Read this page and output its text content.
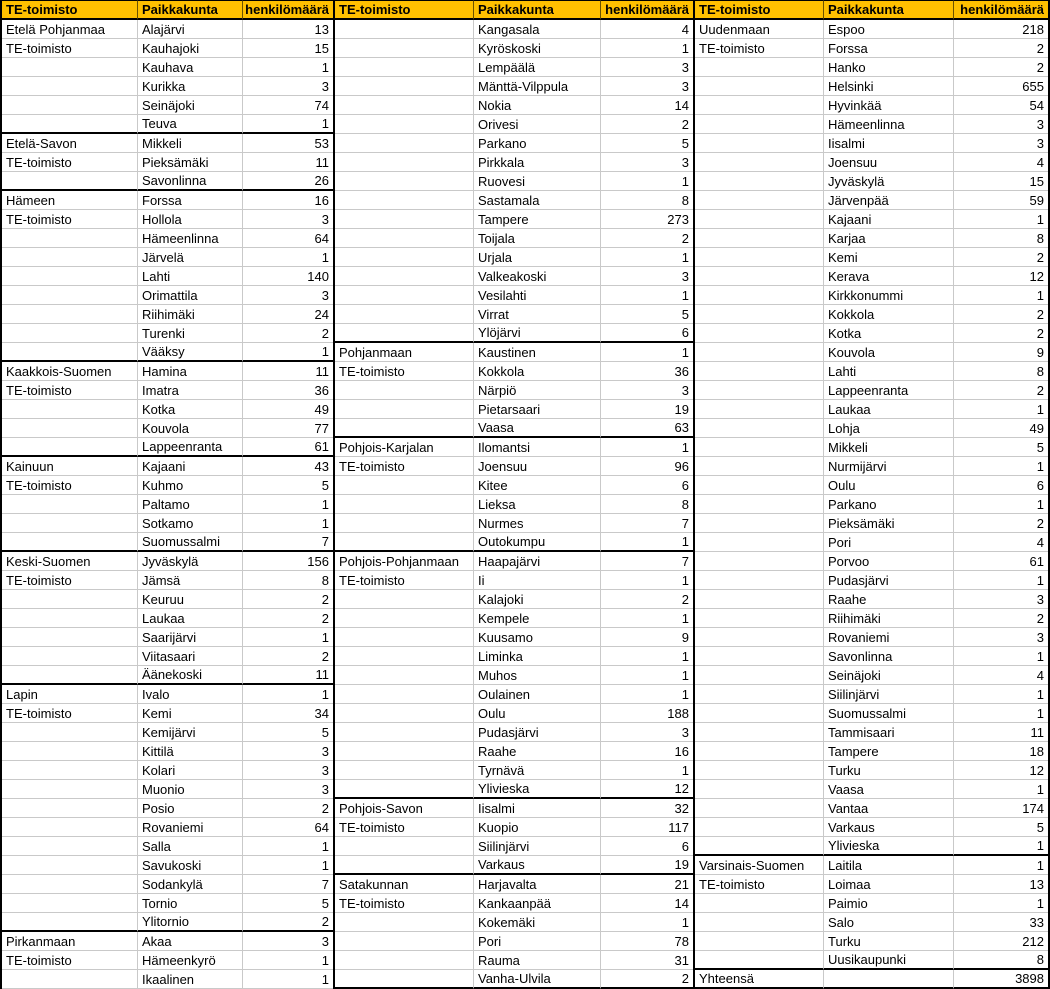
TE-toimisto	Paikkakunta	henkilömäärä
Etelä Pohjanmaa	Alajärvi	13
TE-toimisto	Kauhajoki	15
Kauhava	1
Kurikka	3
Seinäjoki	74
Teuva	1
Etelä-Savon	Mikkeli	53
TE-toimisto	Pieksämäki	11
Savonlinna	26
Hämeen	Forssa	16
TE-toimisto	Hollola	3
Hämeenlinna	64
Järvelä	1
Lahti	140
Orimattila	3
Riihimäki	24
Turenki	2
Vääksy	1
Kaakkois-Suomen	Hamina	11
TE-toimisto	Imatra	36
Kotka	49
Kouvola	77
Lappeenranta	61
Kainuun	Kajaani	43
TE-toimisto	Kuhmo	5
Paltamo	1
Sotkamo	1
Suomussalmi	7
Keski-Suomen	Jyväskylä	156
TE-toimisto	Jämsä	8
Keuruu	2
Laukaa	2
Saarijärvi	1
Viitasaari	2
Äänekoski	11
Lapin	Ivalo	1
TE-toimisto	Kemi	34
Kemijärvi	5
Kittilä	3
Kolari	3
Muonio	3
Posio	2
Rovaniemi	64
Salla	1
Savukoski	1
Sodankylä	7
Tornio	5
Ylitornio	2
Pirkanmaan	Akaa	3
TE-toimisto	Hämeenkyrö	1
Ikaalinen	1
TE-toimisto	Paikkakunta	henkilömäärä
Kangasala	4
Kyröskoski	1
Lempäälä	3
Mänttä-Vilppula	3
Nokia	14
Orivesi	2
Parkano	5
Pirkkala	3
Ruovesi	1
Sastamala	8
Tampere	273
Toijala	2
Urjala	1
Valkeakoski	3
Vesilahti	1
Virrat	5
Ylöjärvi	6
Pohjanmaan	Kaustinen	1
TE-toimisto	Kokkola	36
Närpiö	3
Pietarsaari	19
Vaasa	63
Pohjois-Karjalan	Ilomantsi	1
TE-toimisto	Joensuu	96
Kitee	6
Lieksa	8
Nurmes	7
Outokumpu	1
Pohjois-Pohjanmaan	Haapajärvi	7
TE-toimisto	Ii	1
Kalajoki	2
Kempele	1
Kuusamo	9
Liminka	1
Muhos	1
Oulainen	1
Oulu	188
Pudasjärvi	3
Raahe	16
Tyrnävä	1
Ylivieska	12
Pohjois-Savon	Iisalmi	32
TE-toimisto	Kuopio	117
Siilinjärvi	6
Varkaus	19
Satakunnan	Harjavalta	21
TE-toimisto	Kankaanpää	14
Kokemäki	1
Pori	78
Rauma	31
Vanha-Ulvila	2
TE-toimisto	Paikkakunta	henkilömäärä
Uudenmaan	Espoo	218
TE-toimisto	Forssa	2
Hanko	2
Helsinki	655
Hyvinkää	54
Hämeenlinna	3
Iisalmi	3
Joensuu	4
Jyväskylä	15
Järvenpää	59
Kajaani	1
Karjaa	8
Kemi	2
Kerava	12
Kirkkonummi	1
Kokkola	2
Kotka	2
Kouvola	9
Lahti	8
Lappeenranta	2
Laukaa	1
Lohja	49
Mikkeli	5
Nurmijärvi	1
Oulu	6
Parkano	1
Pieksämäki	2
Pori	4
Porvoo	61
Pudasjärvi	1
Raahe	3
Riihimäki	2
Rovaniemi	3
Savonlinna	1
Seinäjoki	4
Siilinjärvi	1
Suomussalmi	1
Tammisaari	11
Tampere	18
Turku	12
Vaasa	1
Vantaa	174
Varkaus	5
Ylivieska	1
Varsinais-Suomen	Laitila	1
TE-toimisto	Loimaa	13
Paimio	1
Salo	33
Turku	212
Uusikaupunki	8
Yhteensä	3898
